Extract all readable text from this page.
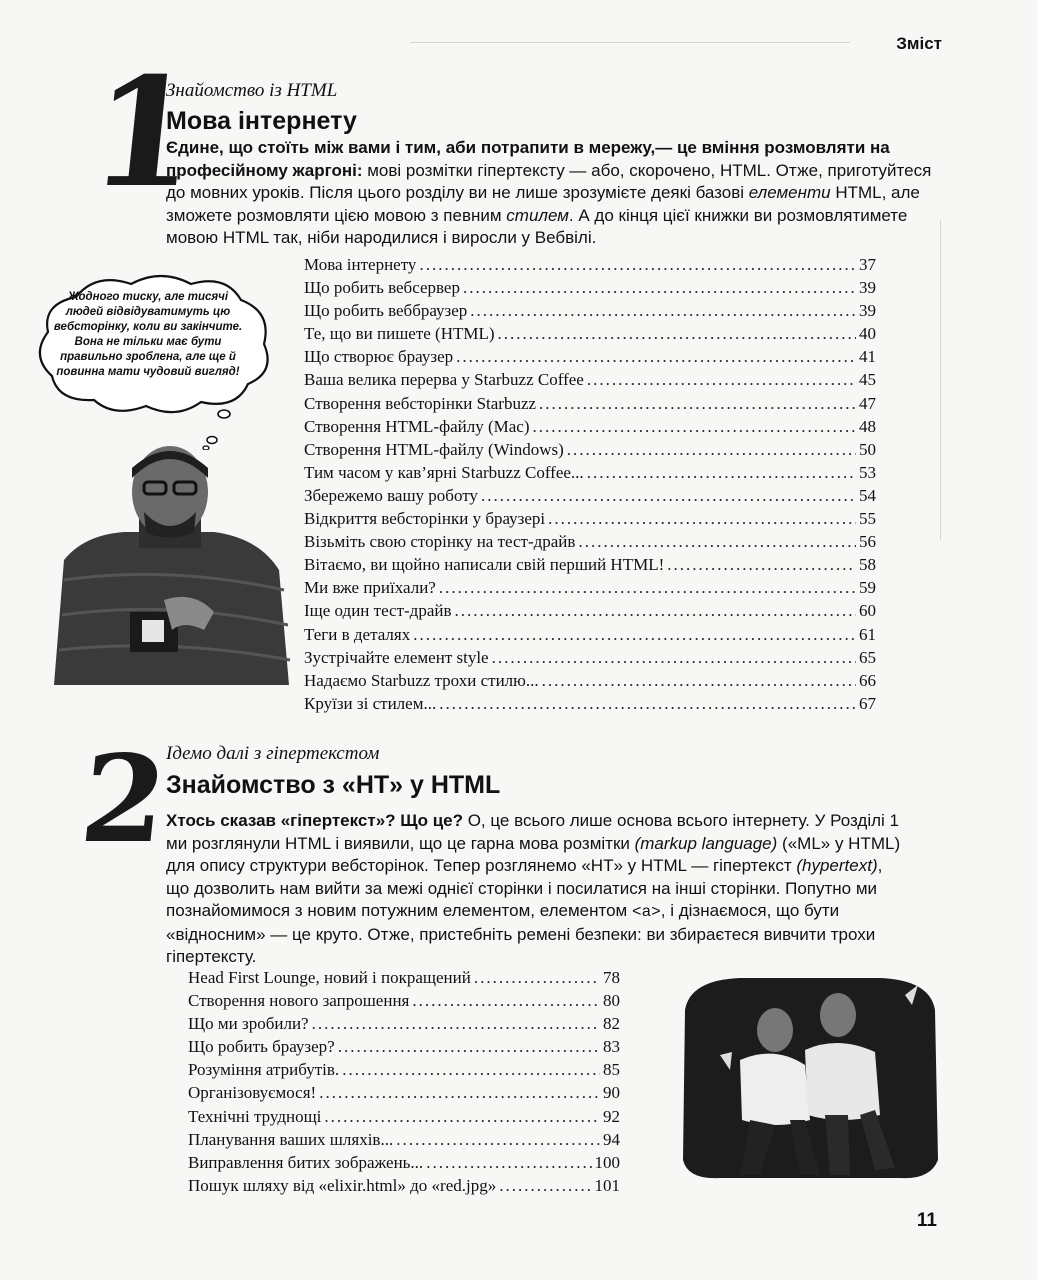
Зміст
1
Знайомство із HTML
Мова інтернету
Єдине, що стоїть між вами і тим, аби потрапити в мережу,— це вміння розмовляти на професійному жаргоні: мові розмітки гіпертексту — або, скорочено, HTML. Отже, приготуйтеся до мовних уроків. Після цього розділу ви не лише зрозумієте деякі базові елементи HTML, але зможете розмовляти цією мовою з певним стилем. А до кінця цієї книжки ви розмовлятимете мовою HTML так, ніби народилися і виросли у Вебвілі.
Мова інтернету .....	37
Що робить вебсервер .....	39
Що робить веббраузер .....	39
Те, що ви пишете (HTML) .....	40
Що створює браузер .....	41
Ваша велика перерва у Starbuzz Coffee .....	45
Створення вебсторінки Starbuzz .....	47
Створення HTML-файлу (Mac) .....	48
Створення HTML-файлу (Windows) .....	50
Тим часом у кав’ярні Starbuzz Coffee... .....	53
Збережемо вашу роботу .....	54
Відкриття вебсторінки у браузері .....	55
Візьміть свою сторінку на тест-драйв .....	56
Вітаємо, ви щойно написали свій перший HTML! .....	58
Ми вже приїхали? .....	59
Іще один тест-драйв .....	60
Теги в деталях .....	61
Зустрічайте елемент style .....	65
Надаємо Starbuzz трохи стилю... .....	66
Круїзи зі стилем... .....	67
Жодного тиску, але тисячі людей відвідуватимуть цю вебсторінку, коли ви закінчите. Вона не тільки має бути правильно зроблена, але ще й повинна мати чудовий вигляд!
2
Ідемо далі з гіпертекстом
Знайомство з «HT» у HTML
Хтось сказав «гіпертекст»? Що це? О, це всього лише основа всього інтернету. У Розділі 1 ми розглянули HTML і виявили, що це гарна мова розмітки (markup language) («ML» у HTML) для опису структури вебсторінок. Тепер розглянемо «HT» у HTML — гіпертекст (hypertext), що дозволить нам вийти за межі однієї сторінки і посилатися на інші сторінки. Попутно ми познайомимося з новим потужним елементом, елементом <a>, і дізнаємося, що бути «відносним» — це круто. Отже, пристебніть ремені безпеки: ви збираєтеся вивчити трохи гіпертексту.
Head First Lounge, новий і покращений .....	78
Створення нового запрошення .....	80
Що ми зробили? .....	82
Що робить браузер? .....	83
Розуміння атрибутів. .....	85
Організовуємося! .....	90
Технічні труднощі .....	92
Планування ваших шляхів... .....	94
Виправлення битих зображень... .....	100
Пошук шляху від «elixir.html» до «red.jpg» .....	101
11
